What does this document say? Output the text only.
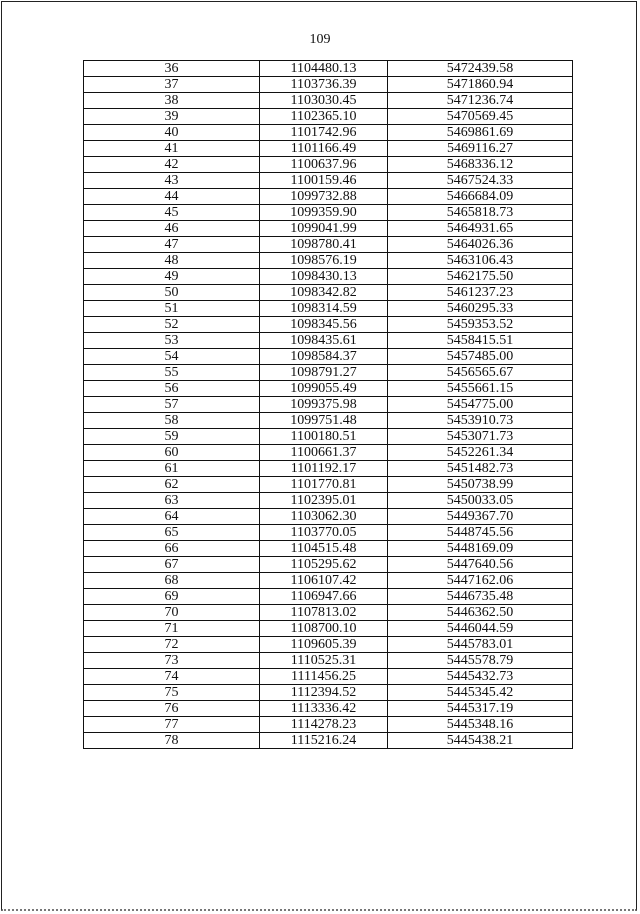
109
36	1104480.13	5472439.58
37	1103736.39	5471860.94
38	1103030.45	5471236.74
39	1102365.10	5470569.45
40	1101742.96	5469861.69
41	1101166.49	5469116.27
42	1100637.96	5468336.12
43	1100159.46	5467524.33
44	1099732.88	5466684.09
45	1099359.90	5465818.73
46	1099041.99	5464931.65
47	1098780.41	5464026.36
48	1098576.19	5463106.43
49	1098430.13	5462175.50
50	1098342.82	5461237.23
51	1098314.59	5460295.33
52	1098345.56	5459353.52
53	1098435.61	5458415.51
54	1098584.37	5457485.00
55	1098791.27	5456565.67
56	1099055.49	5455661.15
57	1099375.98	5454775.00
58	1099751.48	5453910.73
59	1100180.51	5453071.73
60	1100661.37	5452261.34
61	1101192.17	5451482.73
62	1101770.81	5450738.99
63	1102395.01	5450033.05
64	1103062.30	5449367.70
65	1103770.05	5448745.56
66	1104515.48	5448169.09
67	1105295.62	5447640.56
68	1106107.42	5447162.06
69	1106947.66	5446735.48
70	1107813.02	5446362.50
71	1108700.10	5446044.59
72	1109605.39	5445783.01
73	1110525.31	5445578.79
74	1111456.25	5445432.73
75	1112394.52	5445345.42
76	1113336.42	5445317.19
77	1114278.23	5445348.16
78	1115216.24	5445438.21
